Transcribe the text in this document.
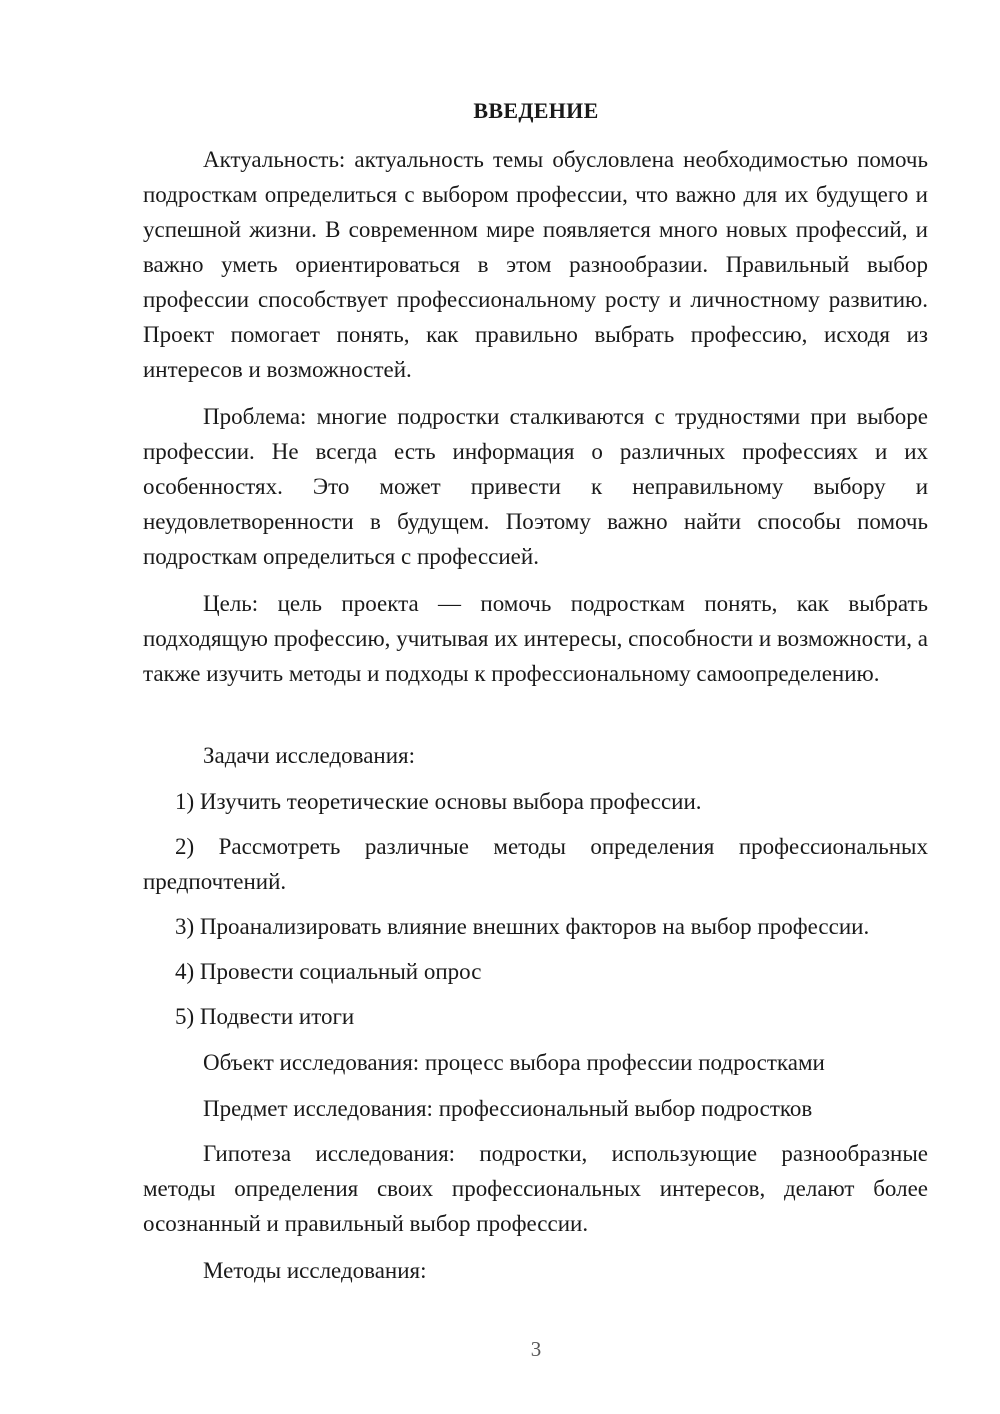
ВВЕДЕНИЕ

Актуальность: актуальность темы обусловлена необходимостью помочь подросткам определиться с выбором профессии, что важно для их будущего и успешной жизни. В современном мире появляется много новых профессий, и важно уметь ориентироваться в этом разнообразии. Правильный выбор профессии способствует профессиональному росту и личностному развитию. Проект помогает понять, как правильно выбрать профессию, исходя из интересов и возможностей.

Проблема: многие подростки сталкиваются с трудностями при выборе профессии. Не всегда есть информация о различных профессиях и их особенностях. Это может привести к неправильному выбору и неудовлетворенности в будущем. Поэтому важно найти способы помочь подросткам определиться с профессией.

Цель: цель проекта — помочь подросткам понять, как выбрать подходящую профессию, учитывая их интересы, способности и возможности, а также изучить методы и подходы к профессиональному самоопределению.

Задачи исследования:

1) Изучить теоретические основы выбора профессии.

2) Рассмотреть различные методы определения профессиональных предпочтений.

3) Проанализировать влияние внешних факторов на выбор профессии.

4) Провести социальный опрос

5) Подвести итоги

Объект исследования: процесс выбора профессии подростками

Предмет исследования: профессиональный выбор подростков

Гипотеза исследования: подростки, использующие разнообразные методы определения своих профессиональных интересов, делают более осознанный и правильный выбор профессии.

Методы исследования:

3
